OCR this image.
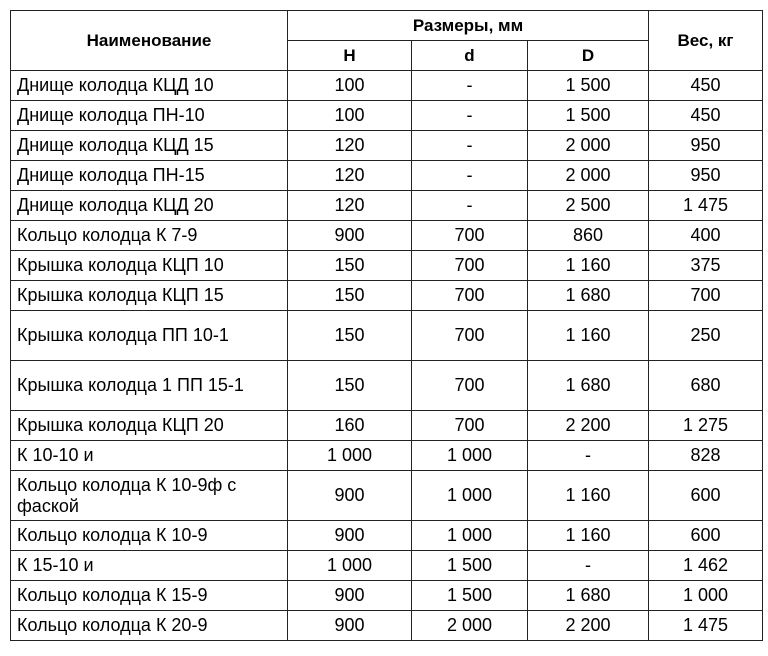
Наименование	Размеры, мм			Вес, кг
	H	d	D	
Днище колодца КЦД 10	100	-	1 500	450
Днище колодца ПН-10	100	-	1 500	450
Днище колодца КЦД 15	120	-	2 000	950
Днище колодца ПН-15	120	-	2 000	950
Днище колодца КЦД 20	120	-	2 500	1 475
Кольцо колодца К 7-9	900	700	860	400
Крышка колодца КЦП 10	150	700	1 160	375
Крышка колодца КЦП 15	150	700	1 680	700
Крышка колодца ПП 10-1	150	700	1 160	250
Крышка колодца 1 ПП 15-1	150	700	1 680	680
Крышка колодца КЦП 20	160	700	2 200	1 275
К 10-10 и	1 000	1 000	-	828
Кольцо колодца К 10-9ф с фаской	900	1 000	1 160	600
Кольцо колодца К 10-9	900	1 000	1 160	600
К 15-10 и	1 000	1 500	-	1 462
Кольцо колодца К 15-9	900	1 500	1 680	1 000
Кольцо колодца К 20-9	900	2 000	2 200	1 475
